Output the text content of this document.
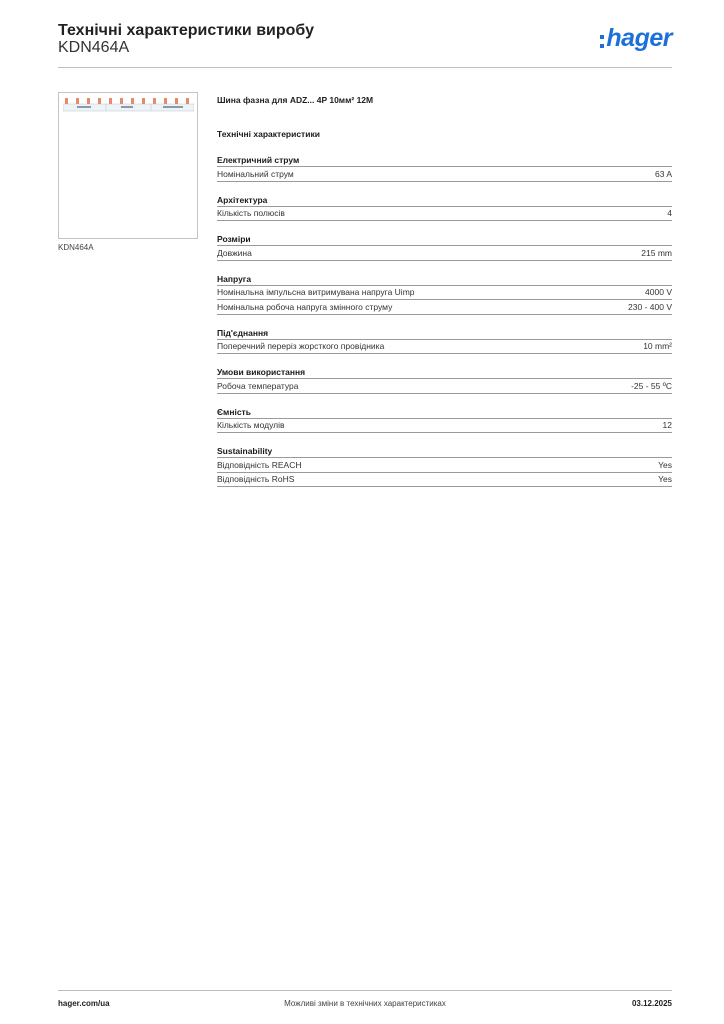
Технічні характеристики виробу
KDN464A	hager
KDN464A
Шина фазна для ADZ... 4P 10мм² 12М
Технічні характеристики
Електричний струм
Номінальний струм	63 A
Архітектура
Кількість полюсів	4
Розміри
Довжина	215 mm
Напруга
Номінальна імпульсна витримувана напруга Uimp	4000 V
Номінальна робоча напруга змінного струму	230 - 400 V
Під'єднання
Поперечний переріз жорсткого провідника	10 mm²
Умови використання
Робоча температура	-25 - 55 ºC
Ємність
Кількість модулів	12
Sustainability
Відповідність REACH	Yes
Відповідність RoHS	Yes
hager.com/ua	Можливі зміни в технічних характеристиках	03.12.2025
